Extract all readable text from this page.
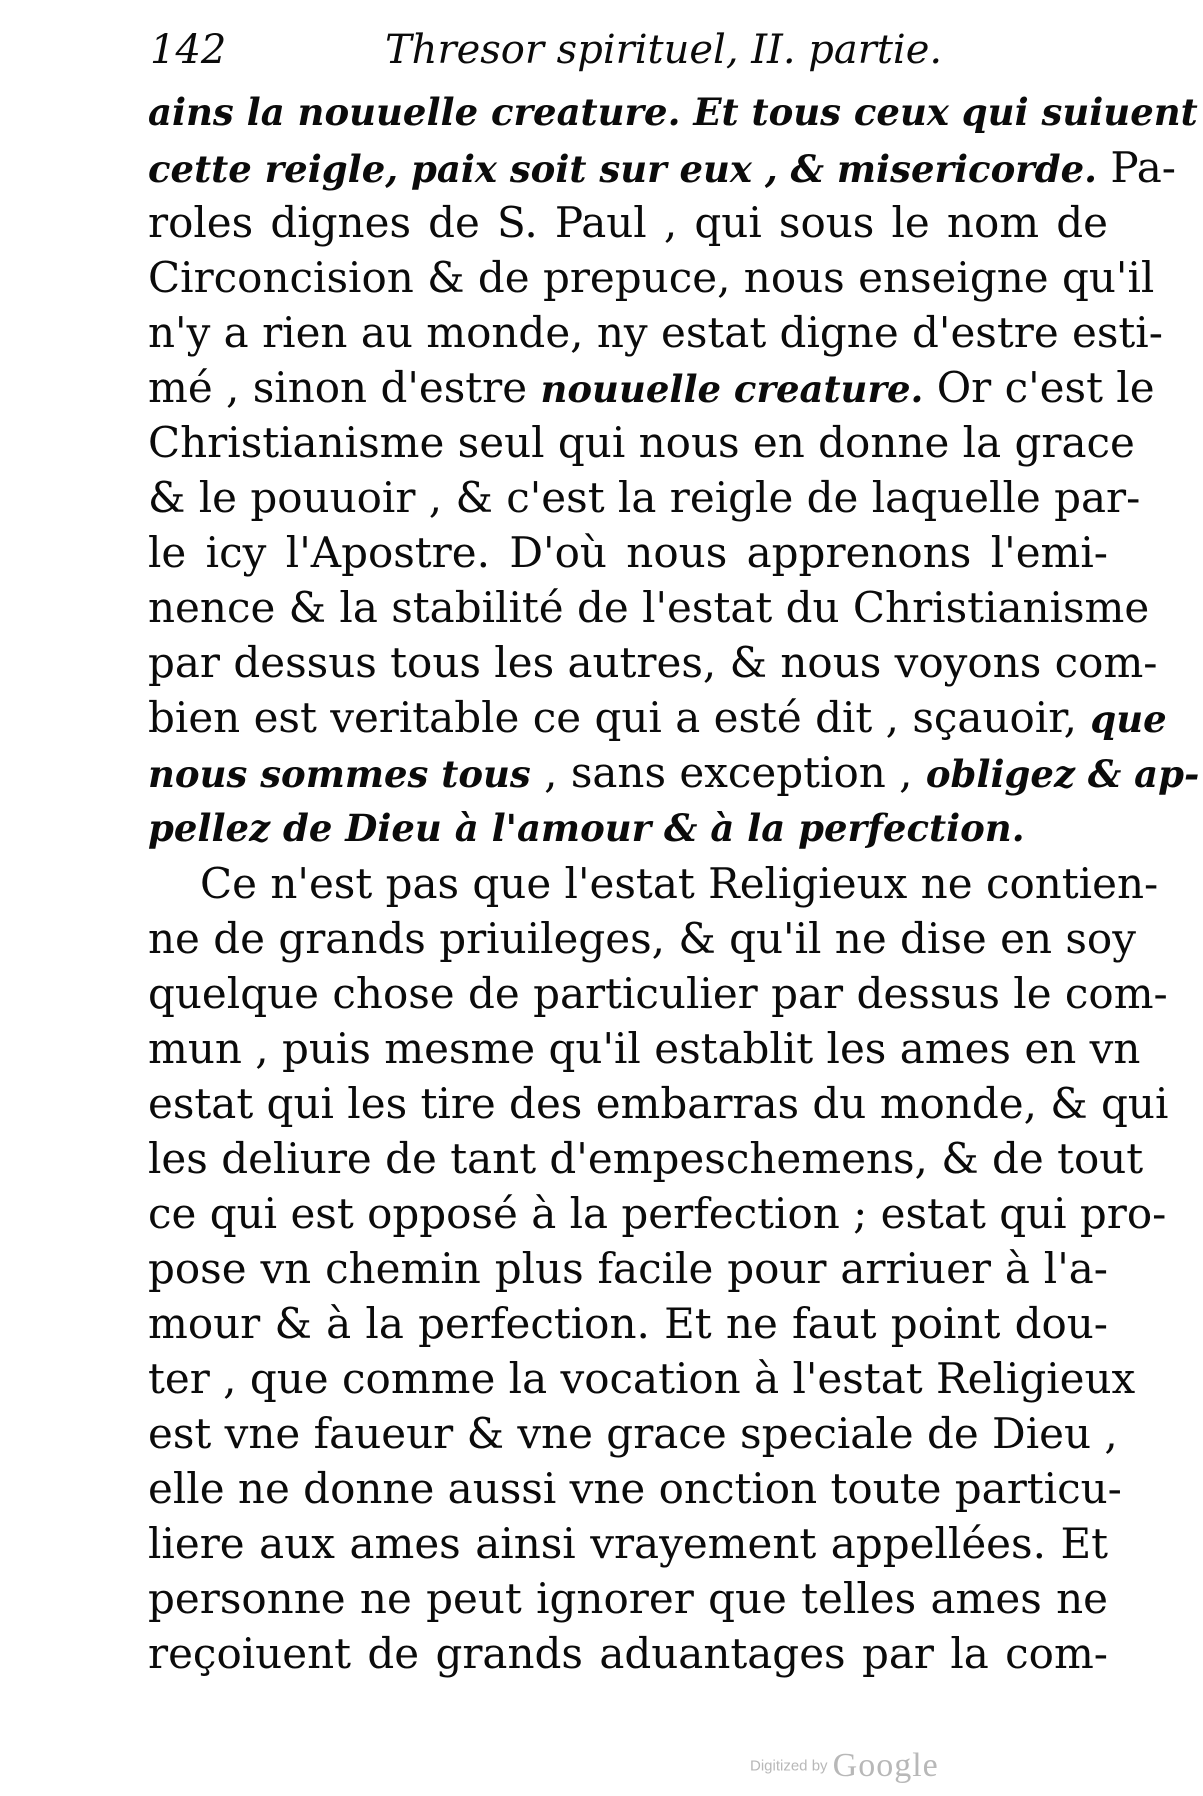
142	Thresor spirituel, II. partie.
ains la nouuelle creature. Et tous ceux qui suiuent
cette reigle, paix soit sur eux , & misericorde. Pa-
roles dignes de S. Paul , qui sous le nom de
Circoncision & de prepuce, nous enseigne qu'il
n'y a rien au monde, ny estat digne d'estre esti-
mé , sinon d'estre nouuelle creature. Or c'est le
Christianisme seul qui nous en donne la grace
& le pouuoir , & c'est la reigle de laquelle par-
le icy l'Apostre. D'où nous apprenons l'emi-
nence & la stabilité de l'estat du Christianisme
par dessus tous les autres, & nous voyons com-
bien est veritable ce qui a esté dit , sçauoir, que
nous sommes tous , sans exception , obligez & ap-
pellez de Dieu à l'amour & à la perfection.
Ce n'est pas que l'estat Religieux ne contien-
ne de grands priuileges, & qu'il ne dise en soy
quelque chose de particulier par dessus le com-
mun , puis mesme qu'il establit les ames en vn
estat qui les tire des embarras du monde, & qui
les deliure de tant d'empeschemens, & de tout
ce qui est opposé à la perfection ; estat qui pro-
pose vn chemin plus facile pour arriuer à l'a-
mour & à la perfection. Et ne faut point dou-
ter , que comme la vocation à l'estat Religieux
est vne faueur & vne grace speciale de Dieu ,
elle ne donne aussi vne onction toute particu-
liere aux ames ainsi vrayement appellées. Et
personne ne peut ignorer que telles ames ne
reçoiuent de grands aduantages par la com-
Digitized by Google
